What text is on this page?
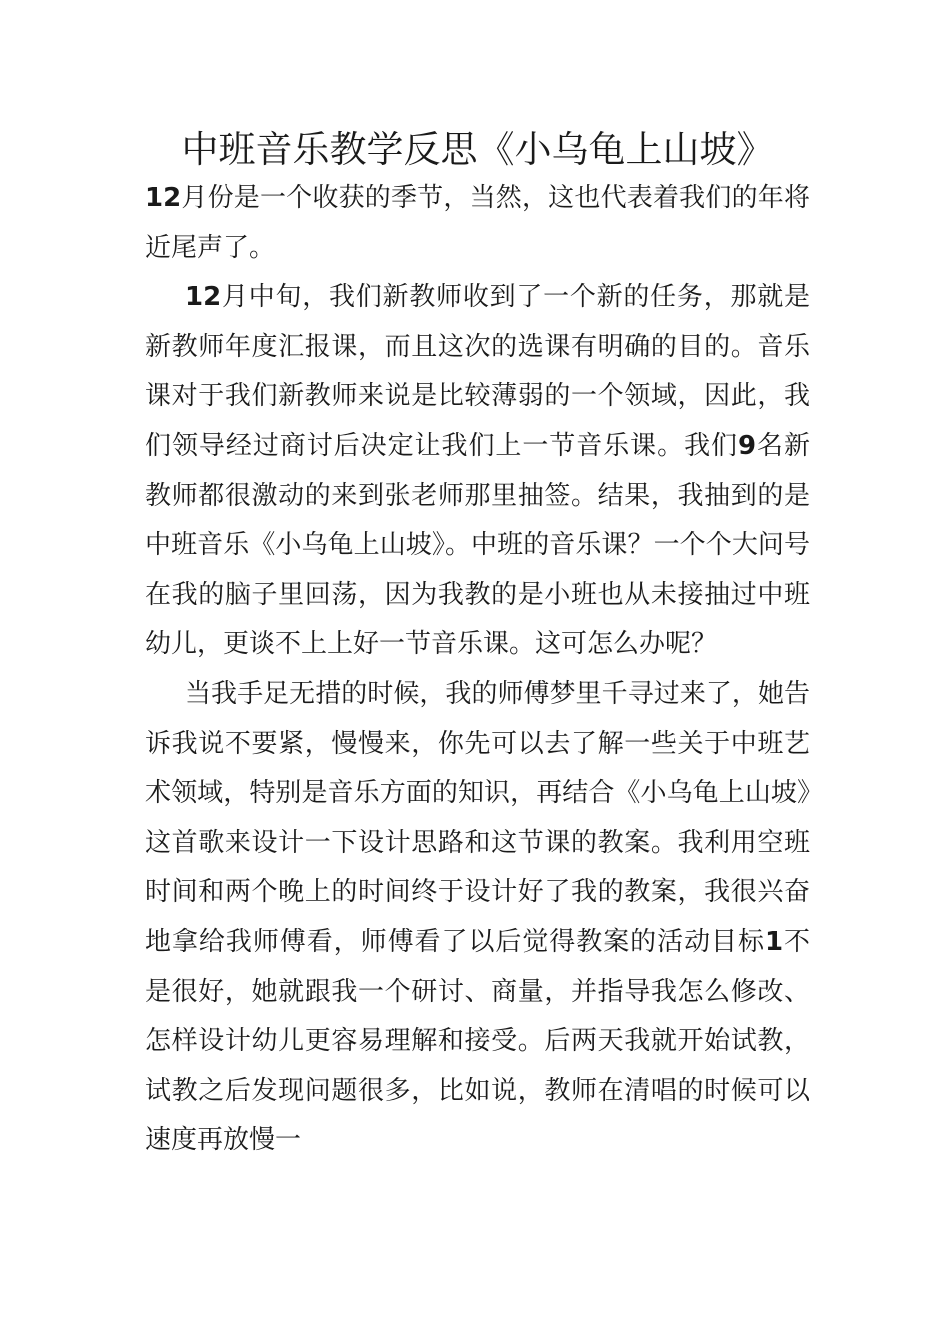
中班音乐教学反思《小乌龟上山坡》

12月份是一个收获的季节，当然，这也代表着我们的年将近尾声了。

12月中旬，我们新教师收到了一个新的任务，那就是新教师年度汇报课，而且这次的选课有明确的目的。音乐课对于我们新教师来说是比较薄弱的一个领域，因此，我们领导经过商讨后决定让我们上一节音乐课。我们9名新教师都很激动的来到张老师那里抽签。结果，我抽到的是中班音乐《小乌龟上山坡》。中班的音乐课？一个个大问号在我的脑子里回荡，因为我教的是小班也从未接抽过中班幼儿，更谈不上上好一节音乐课。这可怎么办呢？

当我手足无措的时候，我的师傅梦里千寻过来了，她告诉我说不要紧，慢慢来，你先可以去了解一些关于中班艺术领域，特别是音乐方面的知识，再结合《小乌龟上山坡》这首歌来设计一下设计思路和这节课的教案。我利用空班时间和两个晚上的时间终于设计好了我的教案，我很兴奋地拿给我师傅看，师傅看了以后觉得教案的活动目标1不是很好，她就跟我一个研讨、商量，并指导我怎么修改、怎样设计幼儿更容易理解和接受。后两天我就开始试教，试教之后发现问题很多，比如说，教师在清唱的时候可以速度再放慢一
